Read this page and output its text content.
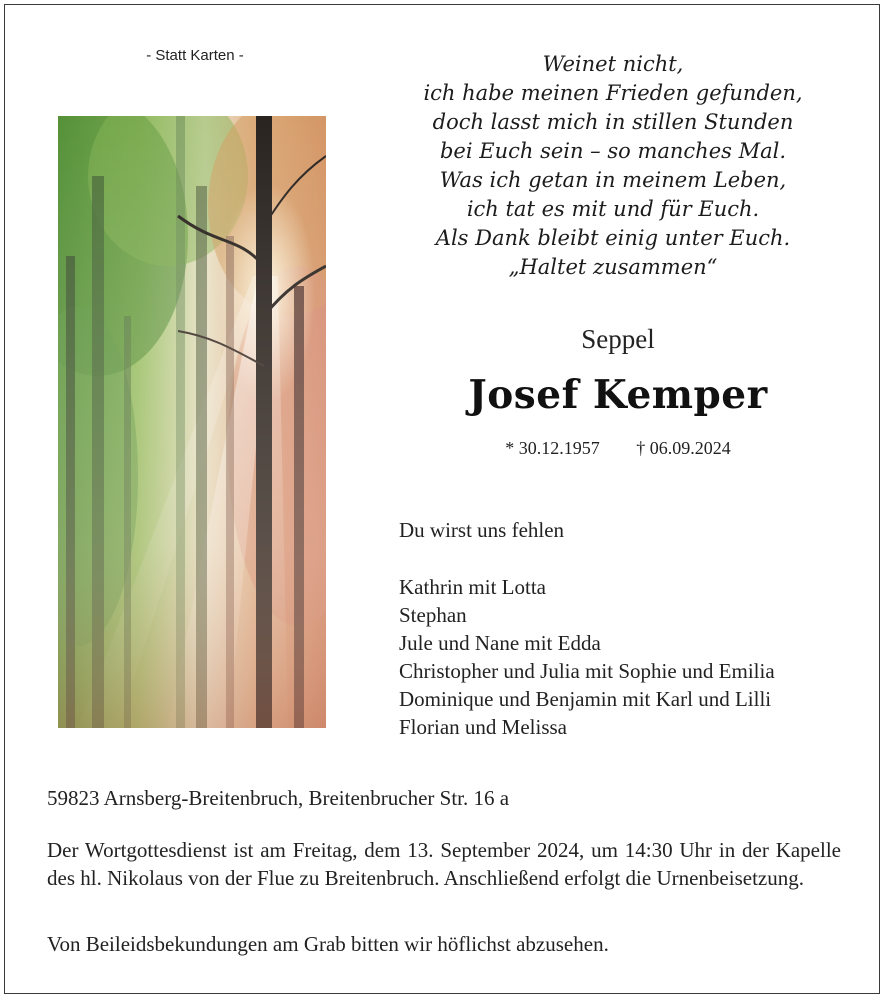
- Statt Karten -	Weinet nicht,
ich habe meinen Frieden gefunden,
doch lasst mich in stillen Stunden
bei Euch sein – so manches Mal.
Was ich getan in meinem Leben,
ich tat es mit und für Euch.
Als Dank bleibt einig unter Euch.
„Haltet zusammen“
Seppel
Josef Kemper
* 30.12.1957 † 06.09.2024
Du wirst uns fehlen
Kathrin mit Lotta
Stephan
Jule und Nane mit Edda
Christopher und Julia mit Sophie und Emilia
Dominique und Benjamin mit Karl und Lilli
Florian und Melissa
59823 Arnsberg-Breitenbruch, Breitenbrucher Str. 16 a
Der Wortgottesdienst ist am Freitag, dem 13. September 2024, um 14:30 Uhr in der Kapelle des hl. Nikolaus von der Flue zu Breitenbruch. Anschließend erfolgt die Urnenbeisetzung.
Von Beileidsbekundungen am Grab bitten wir höflichst abzusehen.
